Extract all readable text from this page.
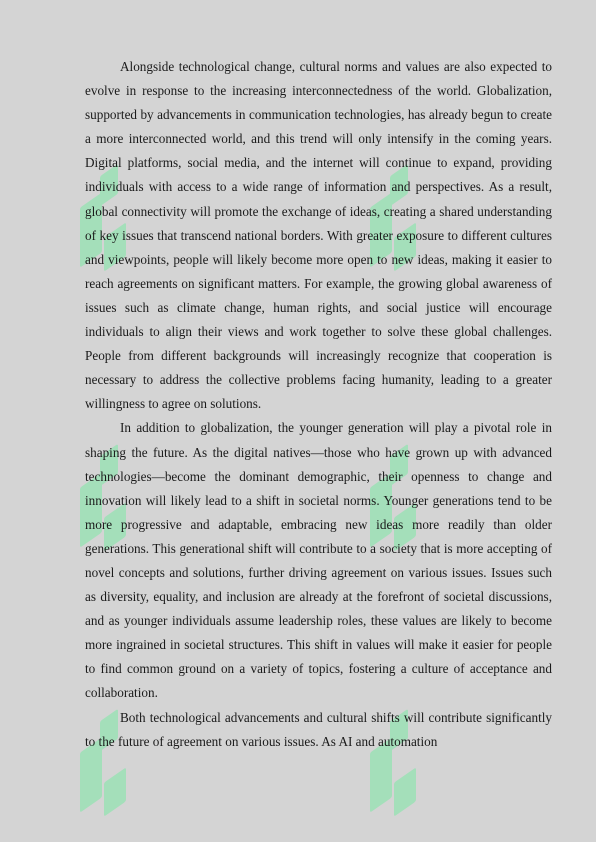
Alongside technological change, cultural norms and values are also expected to evolve in response to the increasing interconnectedness of the world. Globalization, supported by advancements in communication technologies, has already begun to create a more interconnected world, and this trend will only intensify in the coming years. Digital platforms, social media, and the internet will continue to expand, providing individuals with access to a wide range of information and perspectives. As a result, global connectivity will promote the exchange of ideas, creating a shared understanding of key issues that transcend national borders. With greater exposure to different cultures and viewpoints, people will likely become more open to new ideas, making it easier to reach agreements on significant matters. For example, the growing global awareness of issues such as climate change, human rights, and social justice will encourage individuals to align their views and work together to solve these global challenges. People from different backgrounds will increasingly recognize that cooperation is necessary to address the collective problems facing humanity, leading to a greater willingness to agree on solutions.

In addition to globalization, the younger generation will play a pivotal role in shaping the future. As the digital natives—those who have grown up with advanced technologies—become the dominant demographic, their openness to change and innovation will likely lead to a shift in societal norms. Younger generations tend to be more progressive and adaptable, embracing new ideas more readily than older generations. This generational shift will contribute to a society that is more accepting of novel concepts and solutions, further driving agreement on various issues. Issues such as diversity, equality, and inclusion are already at the forefront of societal discussions, and as younger individuals assume leadership roles, these values are likely to become more ingrained in societal structures. This shift in values will make it easier for people to find common ground on a variety of topics, fostering a culture of acceptance and collaboration.

Both technological advancements and cultural shifts will contribute significantly to the future of agreement on various issues. As AI and automation
